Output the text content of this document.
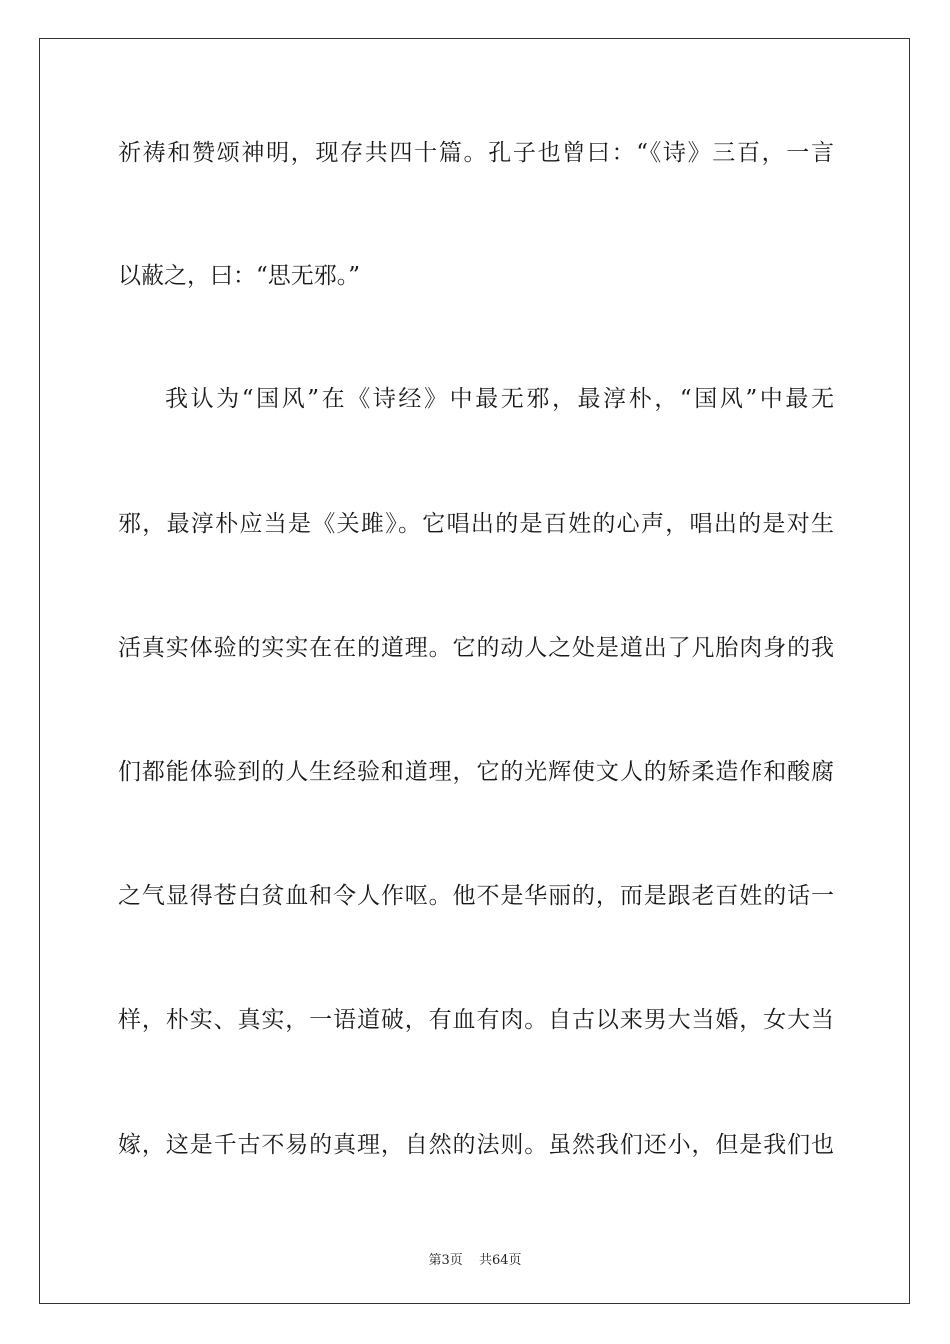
祈祷和赞颂神明，现存共四十篇。孔子也曾曰：“《诗》三百，一言
以蔽之，曰：“思无邪。”
我认为“国风”在《诗经》中最无邪，最淳朴，“国风”中最无
邪，最淳朴应当是《关雎》。它唱出的是百姓的心声，唱出的是对生
活真实体验的实实在在的道理。它的动人之处是道出了凡胎肉身的我
们都能体验到的人生经验和道理，它的光辉使文人的矫柔造作和酸腐
之气显得苍白贫血和令人作呕。他不是华丽的，而是跟老百姓的话一
样，朴实、真实，一语道破，有血有肉。自古以来男大当婚，女大当
嫁，这是千古不易的真理，自然的法则。虽然我们还小，但是我们也
第3页 共64页
